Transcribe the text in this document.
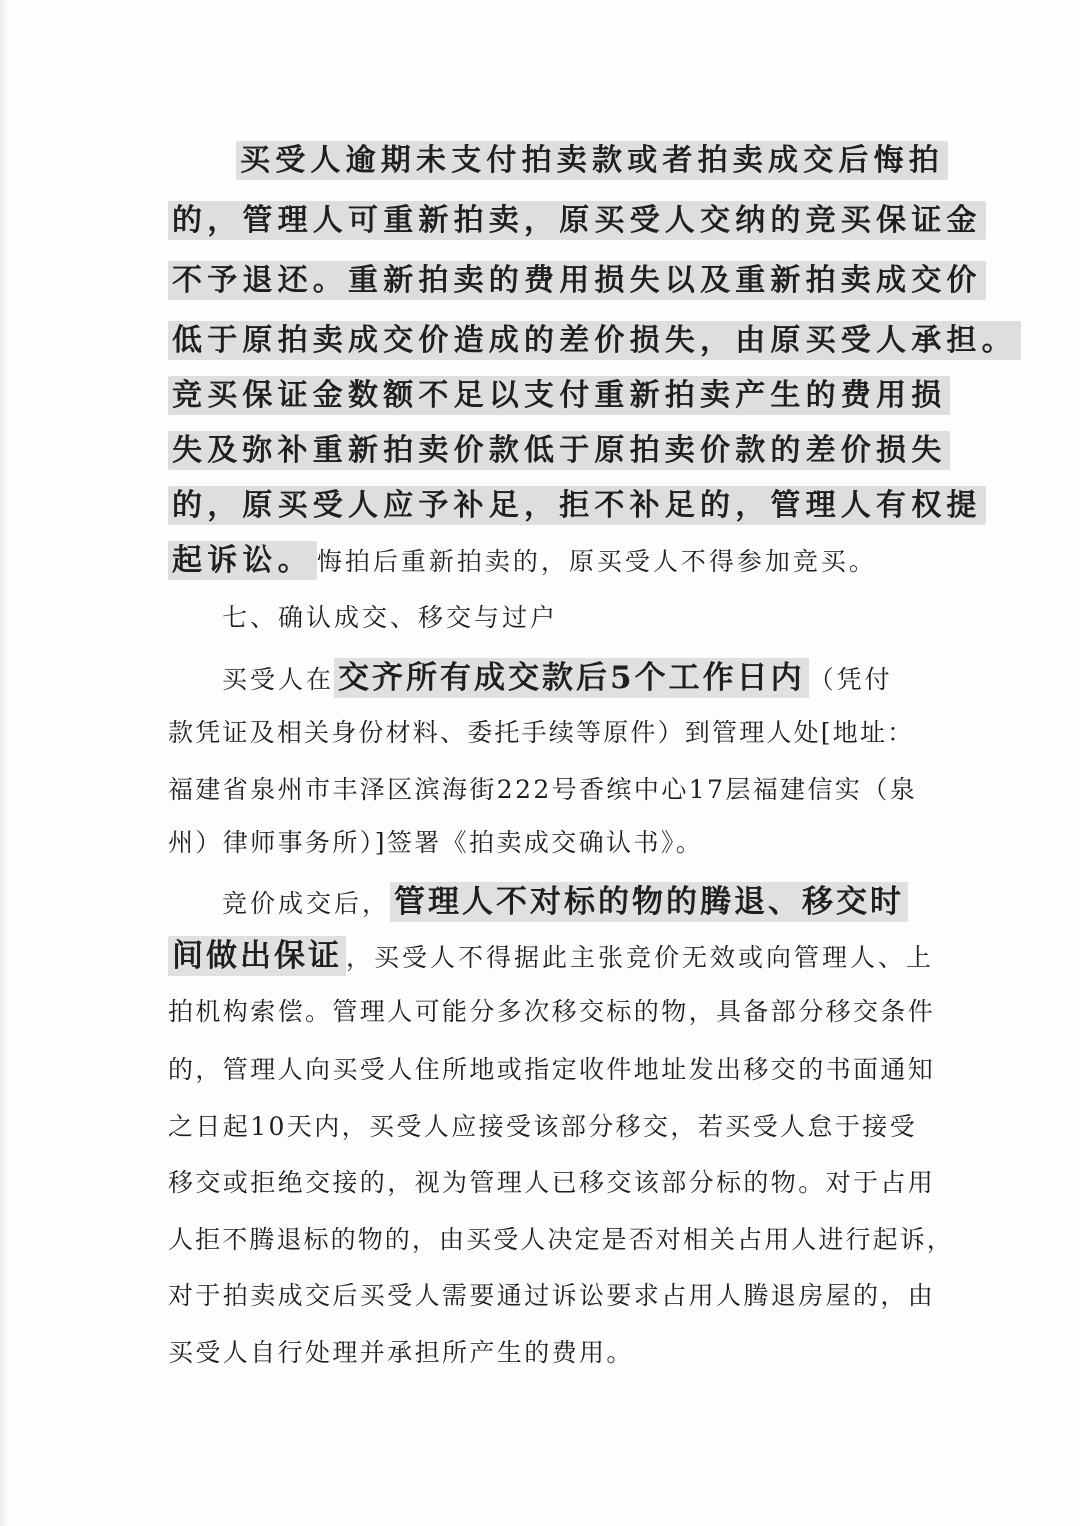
买受人逾期未支付拍卖款或者拍卖成交后悔拍
的，管理人可重新拍卖，原买受人交纳的竞买保证金
不予退还。重新拍卖的费用损失以及重新拍卖成交价
低于原拍卖成交价造成的差价损失，由原买受人承担。
竞买保证金数额不足以支付重新拍卖产生的费用损
失及弥补重新拍卖价款低于原拍卖价款的差价损失
的，原买受人应予补足，拒不补足的，管理人有权提
起诉讼。 悔拍后重新拍卖的，原买受人不得参加竞买。
七、确认成交、移交与过户
买受人在 交齐所有成交款后5个工作日内 （凭付
款凭证及相关身份材料、委托手续等原件）到管理人处[地址：
福建省泉州市丰泽区滨海街222号香缤中心17层福建信实（泉
州）律师事务所）]签署《拍卖成交确认书》。
竞价成交后， 管理人不对标的物的腾退、移交时
间做出保证 ，买受人不得据此主张竞价无效或向管理人、上
拍机构索偿。管理人可能分多次移交标的物，具备部分移交条件
的，管理人向买受人住所地或指定收件地址发出移交的书面通知
之日起10天内，买受人应接受该部分移交，若买受人怠于接受
移交或拒绝交接的，视为管理人已移交该部分标的物。对于占用
人拒不腾退标的物的，由买受人决定是否对相关占用人进行起诉，
对于拍卖成交后买受人需要通过诉讼要求占用人腾退房屋的，由
买受人自行处理并承担所产生的费用。
